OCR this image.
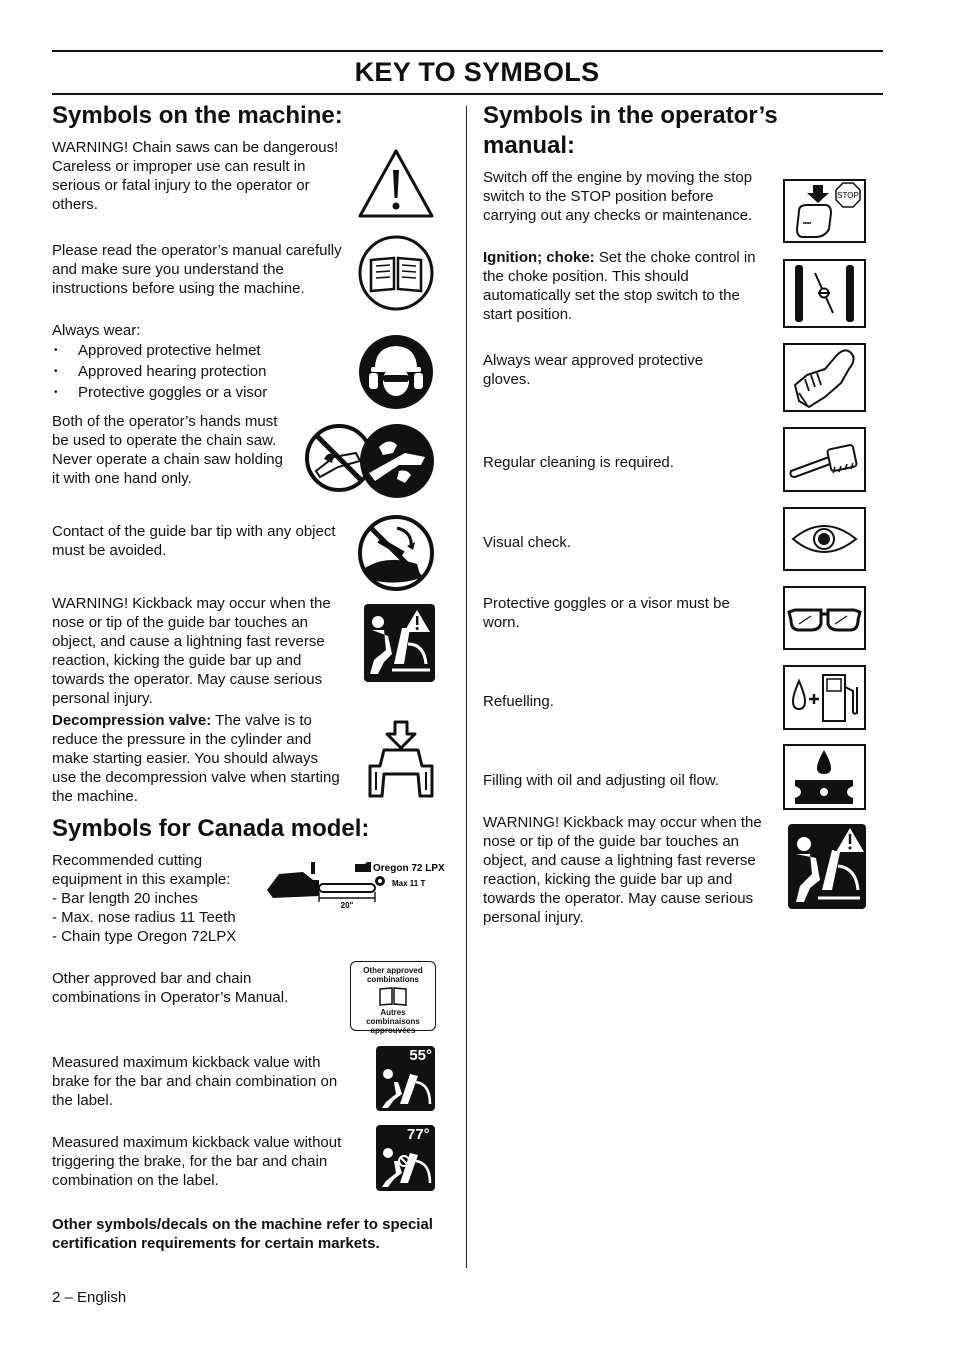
KEY TO SYMBOLS
Symbols on the machine:

WARNING! Chain saws can be dangerous! Careless or improper use can result in serious or fatal injury to the operator or others.

Please read the operator’s manual carefully and make sure you understand the instructions before using the machine.

Always wear:

• Approved protective helmet
• Approved hearing protection
• Protective goggles or a visor

Both of the operator’s hands must be used to operate the chain saw. Never operate a chain saw holding it with one hand only.

Contact of the guide bar tip with any object must be avoided.

WARNING! Kickback may occur when the nose or tip of the guide bar touches an object, and cause a lightning fast reverse reaction, kicking the guide bar up and towards the operator. May cause serious personal injury.

Decompression valve: The valve is to reduce the pressure in the cylinder and make starting easier. You should always use the decompression valve when starting the machine.

Symbols for Canada model:
Recommended cutting
equipment in this example:
- Bar length 20 inches
- Max. nose radius 11 Teeth
- Chain type Oregon 72LPX
20"
Oregon 72 LPX
Max 11 T

Other approved bar and chain combinations in Operator’s Manual.

Other approved combinations
Autres combinaisons approuvées

Measured maximum kickback value with brake for the bar and chain combination on the label.

55°

Measured maximum kickback value without triggering the brake, for the bar and chain combination on the label.

77°

Other symbols/decals on the machine refer to special certification requirements for certain markets.

Symbols in the operator’s manual:

Switch off the engine by moving the stop switch to the STOP position before carrying out any checks or maintenance.

STOP

Ignition; choke: Set the choke control in the choke position. This should automatically set the stop switch to the start position.

Always wear approved protective gloves.

Regular cleaning is required.

Visual check.

Protective goggles or a visor must be worn.

Refuelling.

Filling with oil and adjusting oil flow.

WARNING! Kickback may occur when the nose or tip of the guide bar touches an object, and cause a lightning fast reverse reaction, kicking the guide bar up and towards the operator. May cause serious personal injury.

2 – English
